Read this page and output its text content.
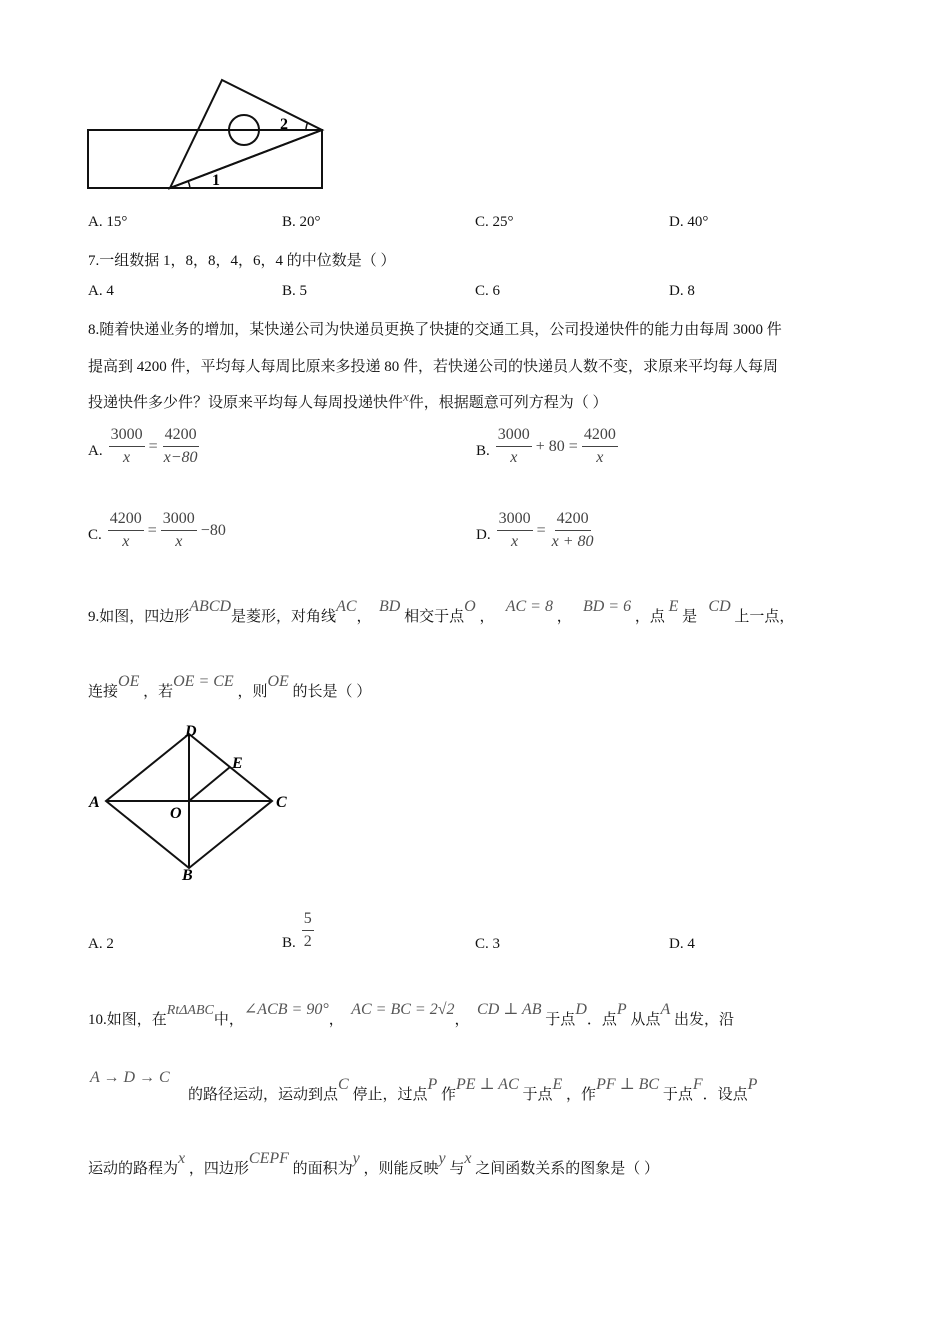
2
1
A. 15°	B. 20°	C. 25°	D. 40°
7.一组数据 1，8，8，4，6，4 的中位数是（ ）
A. 4	B. 5	C. 6	D. 8
8.随着快递业务的增加，某快递公司为快递员更换了快捷的交通工具，公司投递快件的能力由每周 3000 件
提高到 4200 件，平均每人每周比原来多投递 80 件，若快递公司的快递员人数不变，求原来平均每人每周
投递快件多少件？设原来平均每人每周投递快件x件，根据题意可列方程为（ ）
A. $\frac{3000}{x} = \frac{4200}{x-80}$	B. $\frac{3000}{x} + 80 = \frac{4200}{x}$
C. $\frac{4200}{x} = \frac{3000}{x} -80$	D. $\frac{3000}{x} = \frac{4200}{x + 80}$
9.如图，四边形ABCD是菱形，对角线AC，  BD 相交于点O ，   AC = 8 ，   BD = 6 ，点 E 是   CD 上一点，
连接OE ，若OE = CE ，则OE 的长是（ ）
D
E
A	C
O
B
A. 2	B. $\frac{5}{2}$	C. 3	D. 4
10.如图，在RtΔABC中，∠ACB = 90°，  AC = BC = 2√2，  CD ⊥ AB 于点D．点P 从点A 出发，沿
A → D → C
的路径运动，运动到点C 停止，过点P 作PE ⊥ AC 于点E ，作PF ⊥ BC 于点F．设点P
运动的路程为x ，四边形CEPF 的面积为y ，则能反映y 与x 之间函数关系的图象是（ ）
